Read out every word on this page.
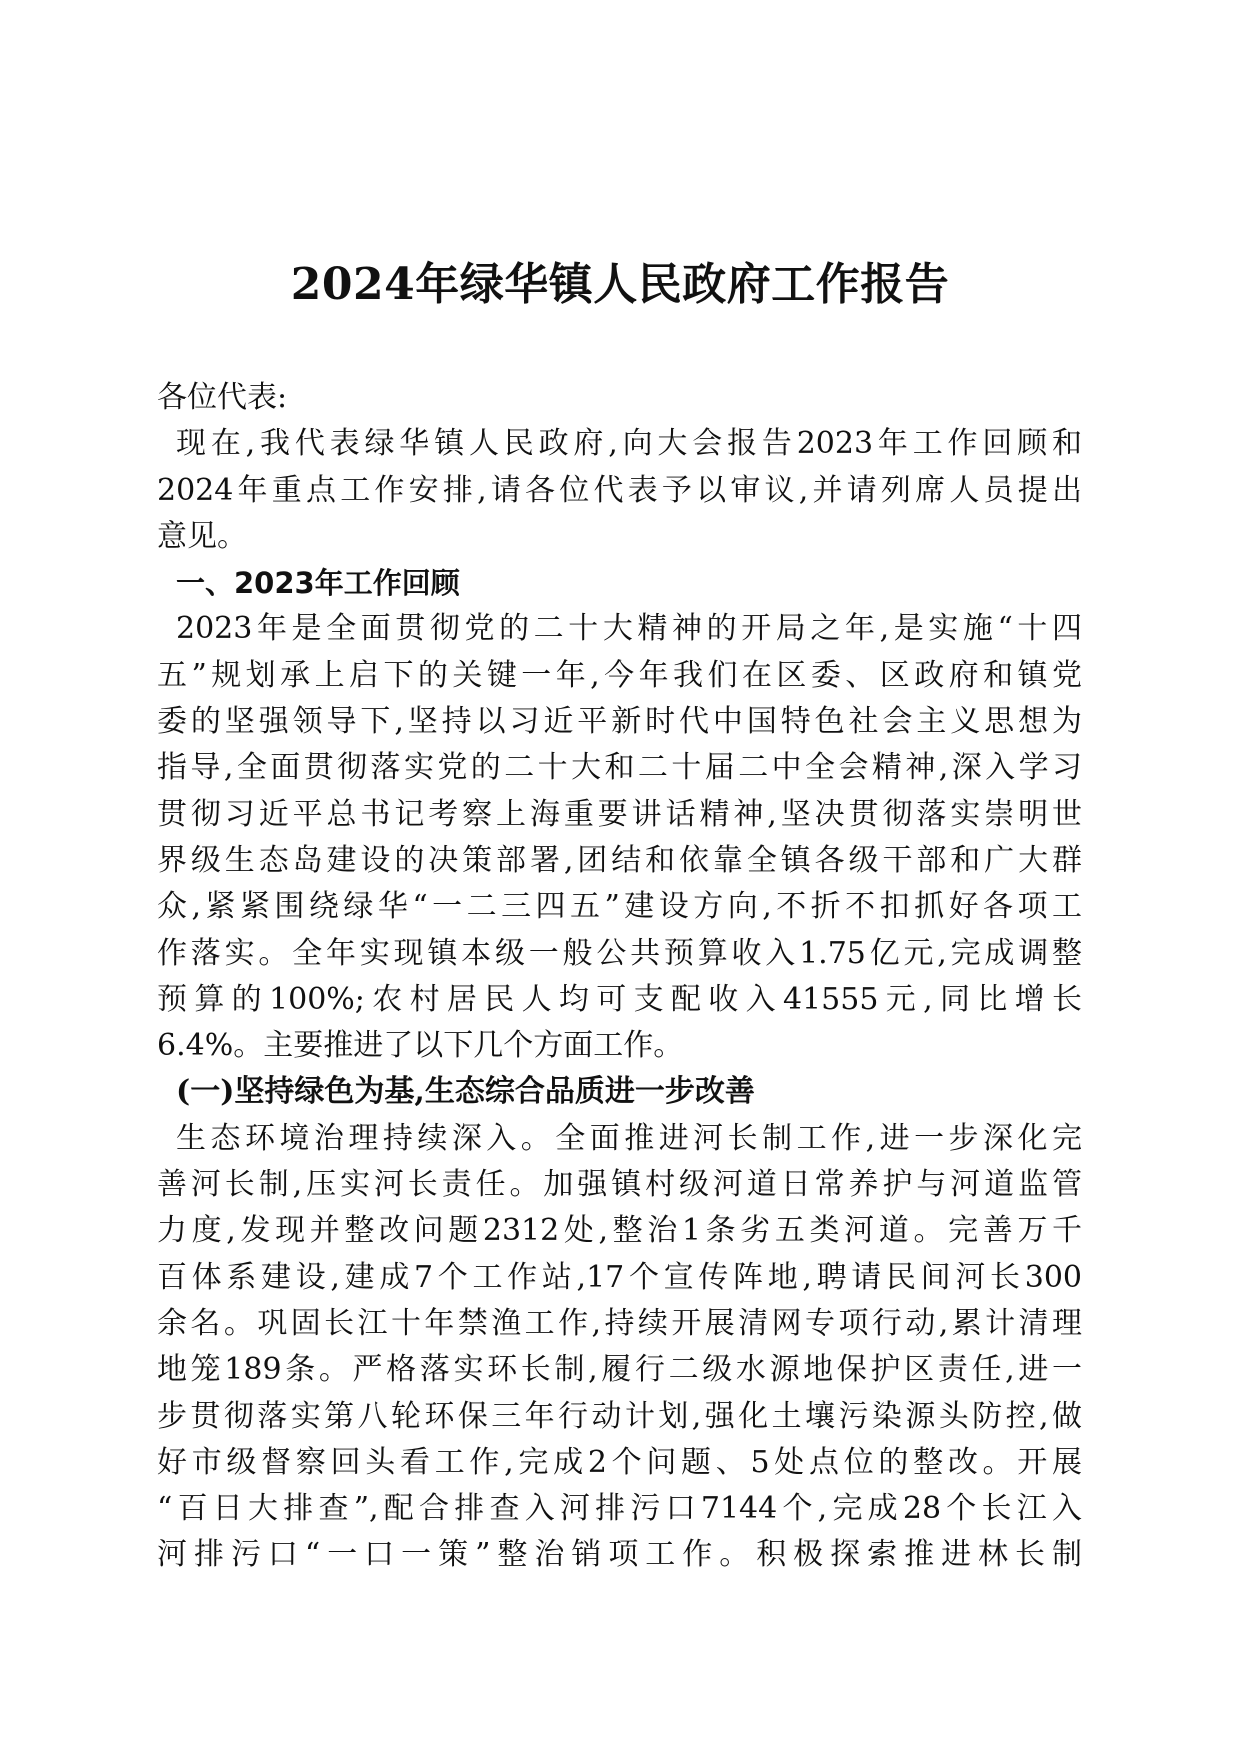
2024年绿华镇人民政府工作报告
各位代表:
现在,我代表绿华镇人民政府,向大会报告2023年工作回顾和
2024年重点工作安排,请各位代表予以审议,并请列席人员提出
意见。
一、2023年工作回顾
2023年是全面贯彻党的二十大精神的开局之年,是实施“十四
五”规划承上启下的关键一年,今年我们在区委、区政府和镇党
委的坚强领导下,坚持以习近平新时代中国特色社会主义思想为
指导,全面贯彻落实党的二十大和二十届二中全会精神,深入学习
贯彻习近平总书记考察上海重要讲话精神,坚决贯彻落实崇明世
界级生态岛建设的决策部署,团结和依靠全镇各级干部和广大群
众,紧紧围绕绿华“一二三四五”建设方向,不折不扣抓好各项工
作落实。全年实现镇本级一般公共预算收入1.75亿元,完成调整
预算的100%;农村居民人均可支配收入41555元,同比增长
6.4%。主要推进了以下几个方面工作。
(一)坚持绿色为基,生态综合品质进一步改善
生态环境治理持续深入。全面推进河长制工作,进一步深化完
善河长制,压实河长责任。加强镇村级河道日常养护与河道监管
力度,发现并整改问题2312处,整治1条劣五类河道。完善万千
百体系建设,建成7个工作站,17个宣传阵地,聘请民间河长300
余名。巩固长江十年禁渔工作,持续开展清网专项行动,累计清理
地笼189条。严格落实环长制,履行二级水源地保护区责任,进一
步贯彻落实第八轮环保三年行动计划,强化土壤污染源头防控,做
好市级督察回头看工作,完成2个问题、5处点位的整改。开展
“百日大排查”,配合排查入河排污口7144个,完成28个长江入
河排污口“一口一策”整治销项工作。积极探索推进林长制
